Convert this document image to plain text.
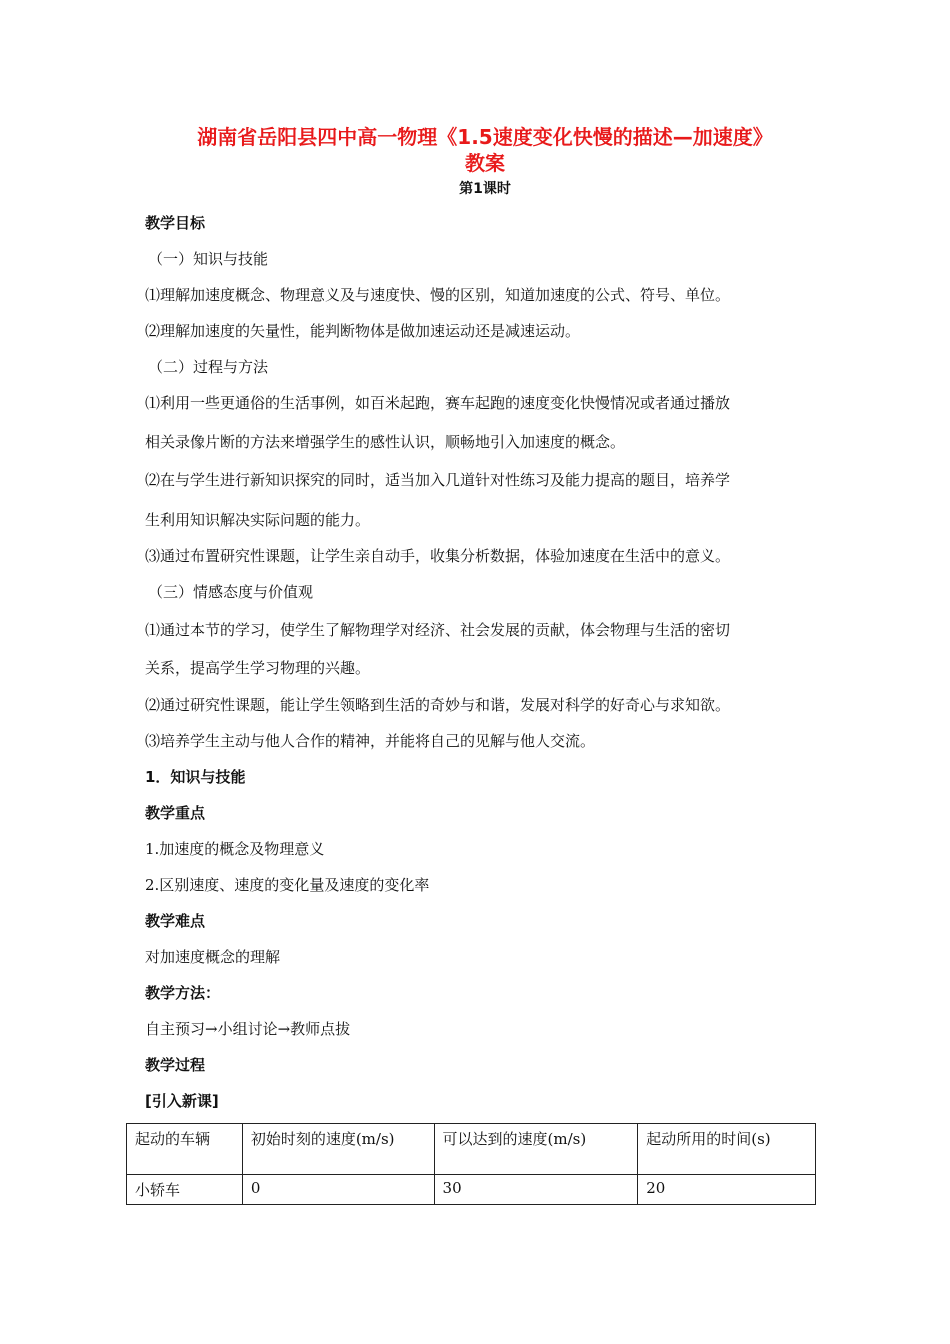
湖南省岳阳县四中高一物理《1.5速度变化快慢的描述—加速度》
教案
第1课时
教学目标
（一）知识与技能
⑴理解加速度概念、物理意义及与速度快、慢的区别，知道加速度的公式、符号、单位。
⑵理解加速度的矢量性，能判断物体是做加速运动还是减速运动。
（二）过程与方法
⑴利用一些更通俗的生活事例，如百米起跑，赛车起跑的速度变化快慢情况或者通过播放
相关录像片断的方法来增强学生的感性认识，顺畅地引入加速度的概念。
⑵在与学生进行新知识探究的同时，适当加入几道针对性练习及能力提高的题目，培养学
生利用知识解决实际问题的能力。
⑶通过布置研究性课题，让学生亲自动手，收集分析数据，体验加速度在生活中的意义。
（三）情感态度与价值观
⑴通过本节的学习，使学生了解物理学对经济、社会发展的贡献，体会物理与生活的密切
关系，提高学生学习物理的兴趣。
⑵通过研究性课题，能让学生领略到生活的奇妙与和谐，发展对科学的好奇心与求知欲。
⑶培养学生主动与他人合作的精神，并能将自己的见解与他人交流。
1．知识与技能
教学重点
1.加速度的概念及物理意义
2.区别速度、速度的变化量及速度的变化率
教学难点
对加速度概念的理解
教学方法：
自主预习→小组讨论→教师点拔
教学过程
[引入新课]
起动的车辆	初始时刻的速度(m/s)	可以达到的速度(m/s)	起动所用的时间(s)
小轿车	0	30	20
